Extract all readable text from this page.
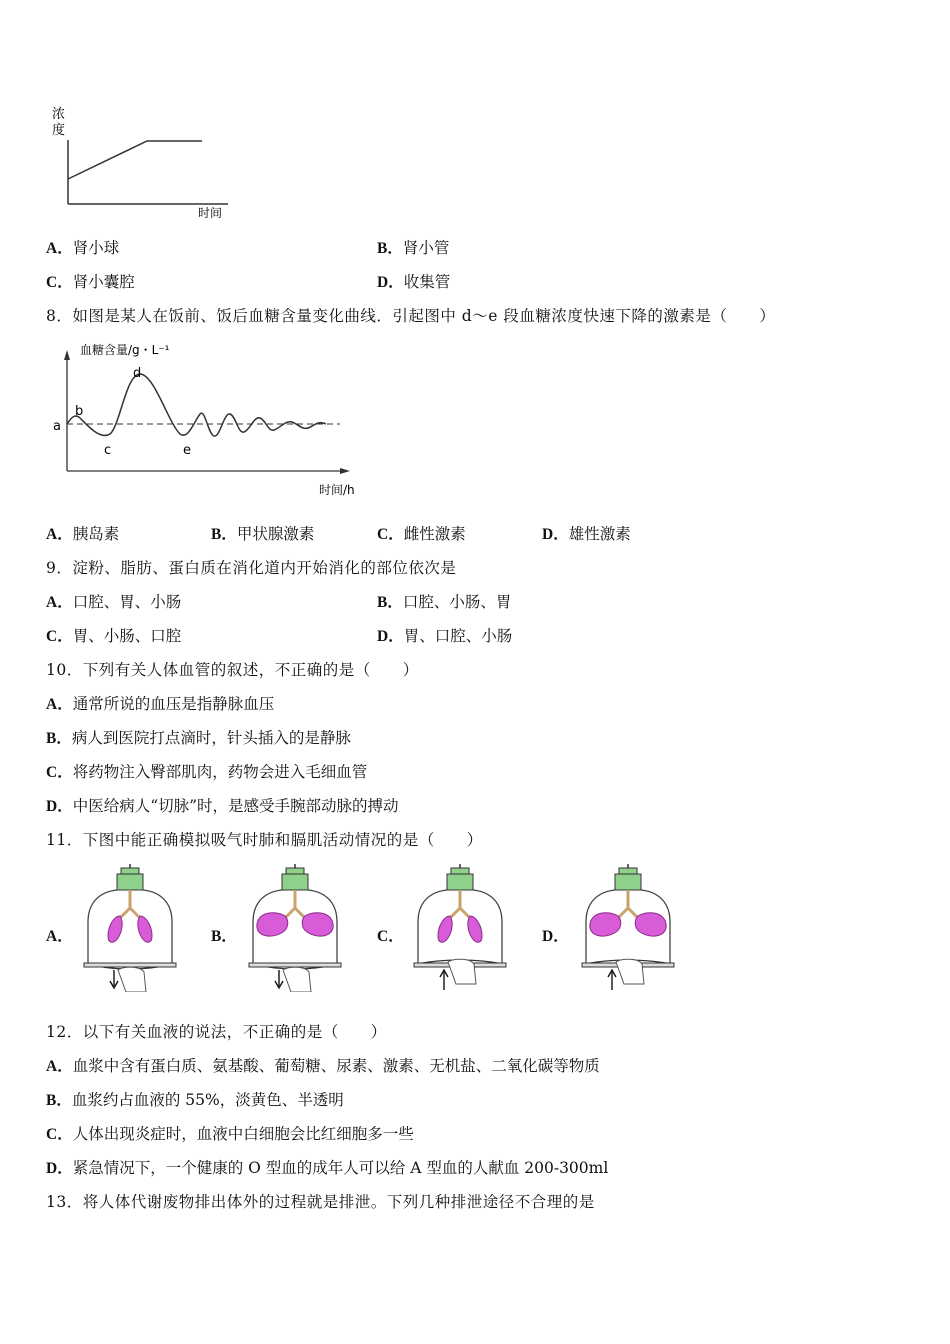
浓
度
时间
A．肾小球	B．肾小管
C．肾小囊腔	D．收集管
8．如图是某人在饭前、饭后血糖含量变化曲线．引起图中 d～e 段血糖浓度快速下降的激素是（　　）
血糖含量/g・L⁻¹
a
b
c
d
e
时间/h
A．胰岛素	B．甲状腺激素	C．雌性激素	D．雄性激素
9．淀粉、脂肪、蛋白质在消化道内开始消化的部位依次是
A．口腔、胃、小肠	B．口腔、小肠、胃
C．胃、小肠、口腔	D．胃、口腔、小肠
10．下列有关人体血管的叙述，不正确的是（　　）
A．通常所说的血压是指静脉血压
B．病人到医院打点滴时，针头插入的是静脉
C．将药物注入臀部肌肉，药物会进入毛细血管
D．中医给病人“切脉”时，是感受手腕部动脉的搏动
11．下图中能正确模拟吸气时肺和膈肌活动情况的是（　　）
A．	B．	C．	D．
12．以下有关血液的说法，不正确的是（　　）
A．血浆中含有蛋白质、氨基酸、葡萄糖、尿素、激素、无机盐、二氧化碳等物质
B．血浆约占血液的 55%，淡黄色、半透明
C．人体出现炎症时，血液中白细胞会比红细胞多一些
D．紧急情况下，一个健康的 O 型血的成年人可以给 A 型血的人献血 200-300ml
13．将人体代谢废物排出体外的过程就是排泄。下列几种排泄途径不合理的是
